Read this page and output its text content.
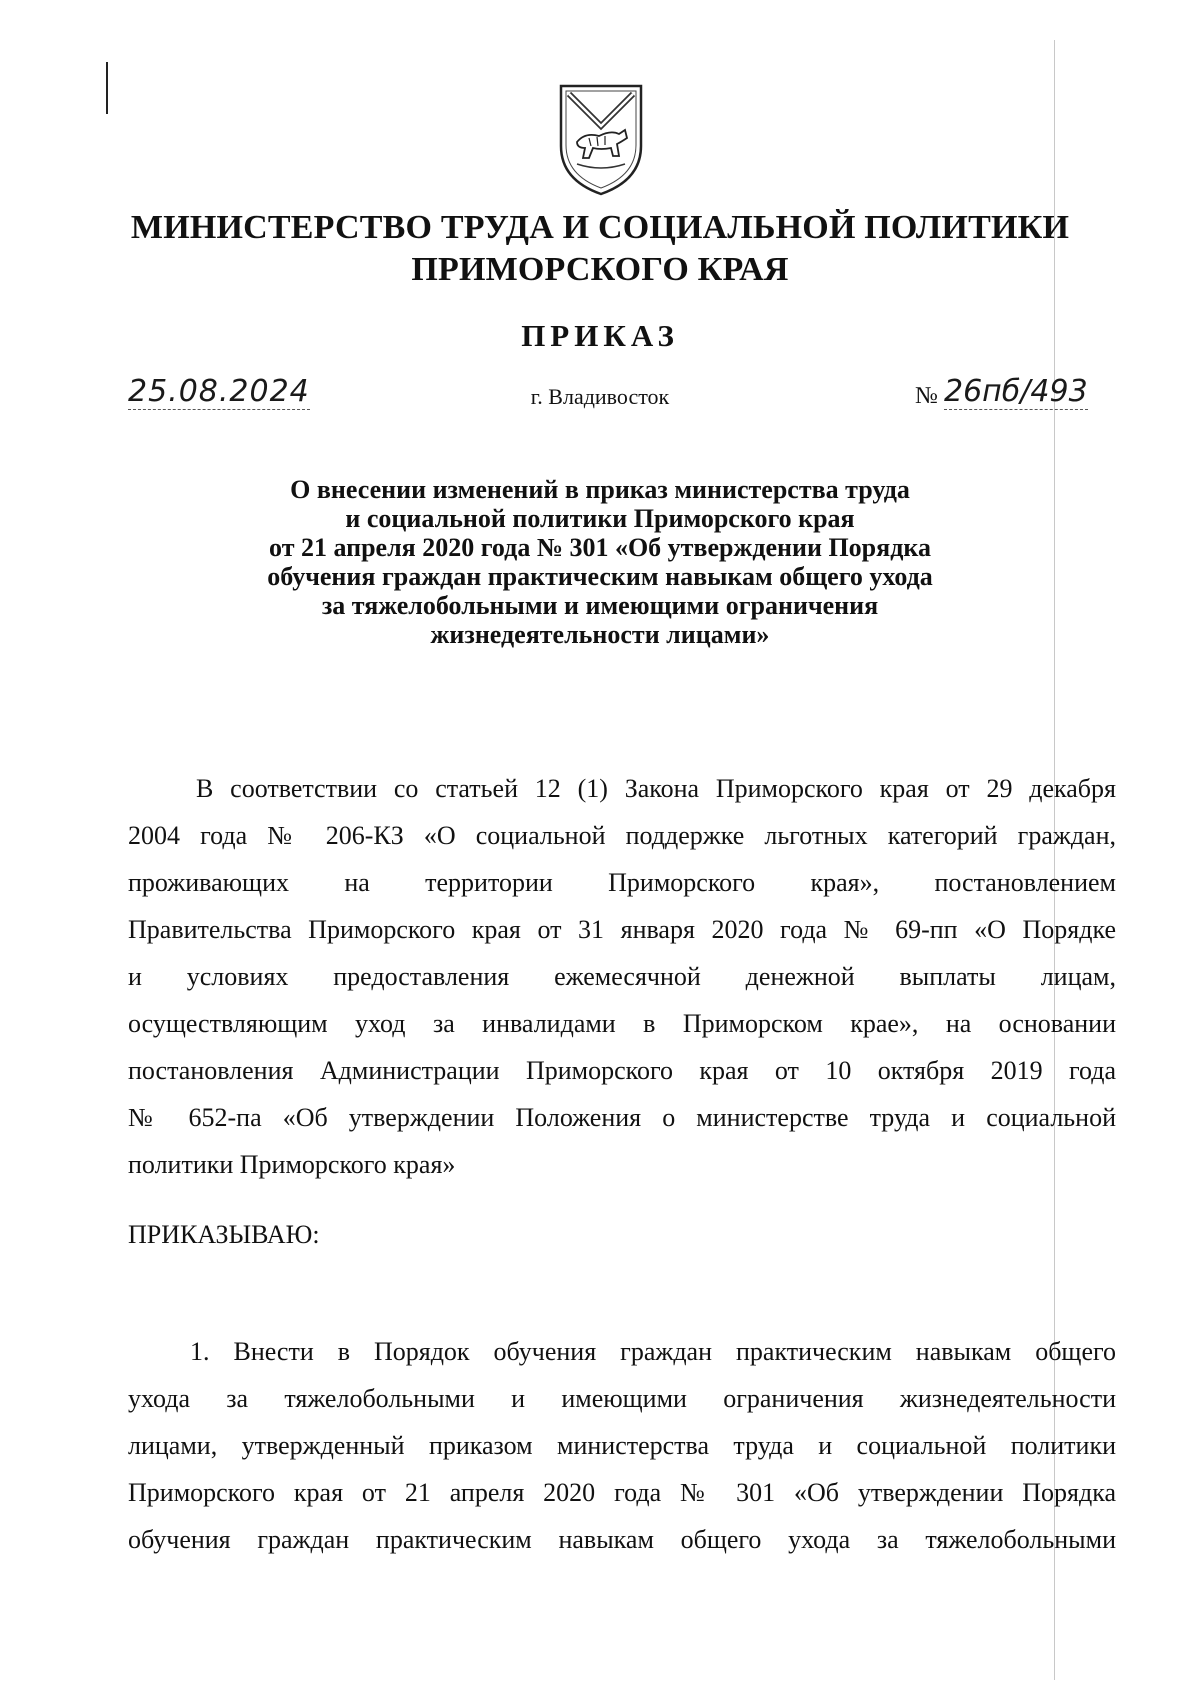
МИНИСТЕРСТВО ТРУДА И СОЦИАЛЬНОЙ ПОЛИТИКИ
ПРИМОРСКОГО КРАЯ
ПРИКАЗ
25.08.2024	г. Владивосток	№ 26пб/493
О внесении изменений в приказ министерства труда
и социальной политики Приморского края
от 21 апреля 2020 года № 301 «Об утверждении Порядка
обучения граждан практическим навыкам общего ухода
за тяжелобольными и имеющими ограничения
жизнедеятельности лицами»
В соответствии со статьей 12 (1) Закона Приморского края от 29 декабря
2004 года № 206-КЗ «О социальной поддержке льготных категорий граждан,
проживающих на территории Приморского края», постановлением
Правительства Приморского края от 31 января 2020 года № 69-пп «О Порядке
и условиях предоставления ежемесячной денежной выплаты лицам,
осуществляющим уход за инвалидами в Приморском крае», на основании
постановления Администрации Приморского края от 10 октября 2019 года
№ 652-па «Об утверждении Положения о министерстве труда и социальной
политики Приморского края»
ПРИКАЗЫВАЮ:
1. Внести в Порядок обучения граждан практическим навыкам общего
ухода за тяжелобольными и имеющими ограничения жизнедеятельности
лицами, утвержденный приказом министерства труда и социальной политики
Приморского края от 21 апреля 2020 года № 301 «Об утверждении Порядка
обучения граждан практическим навыкам общего ухода за тяжелобольными
